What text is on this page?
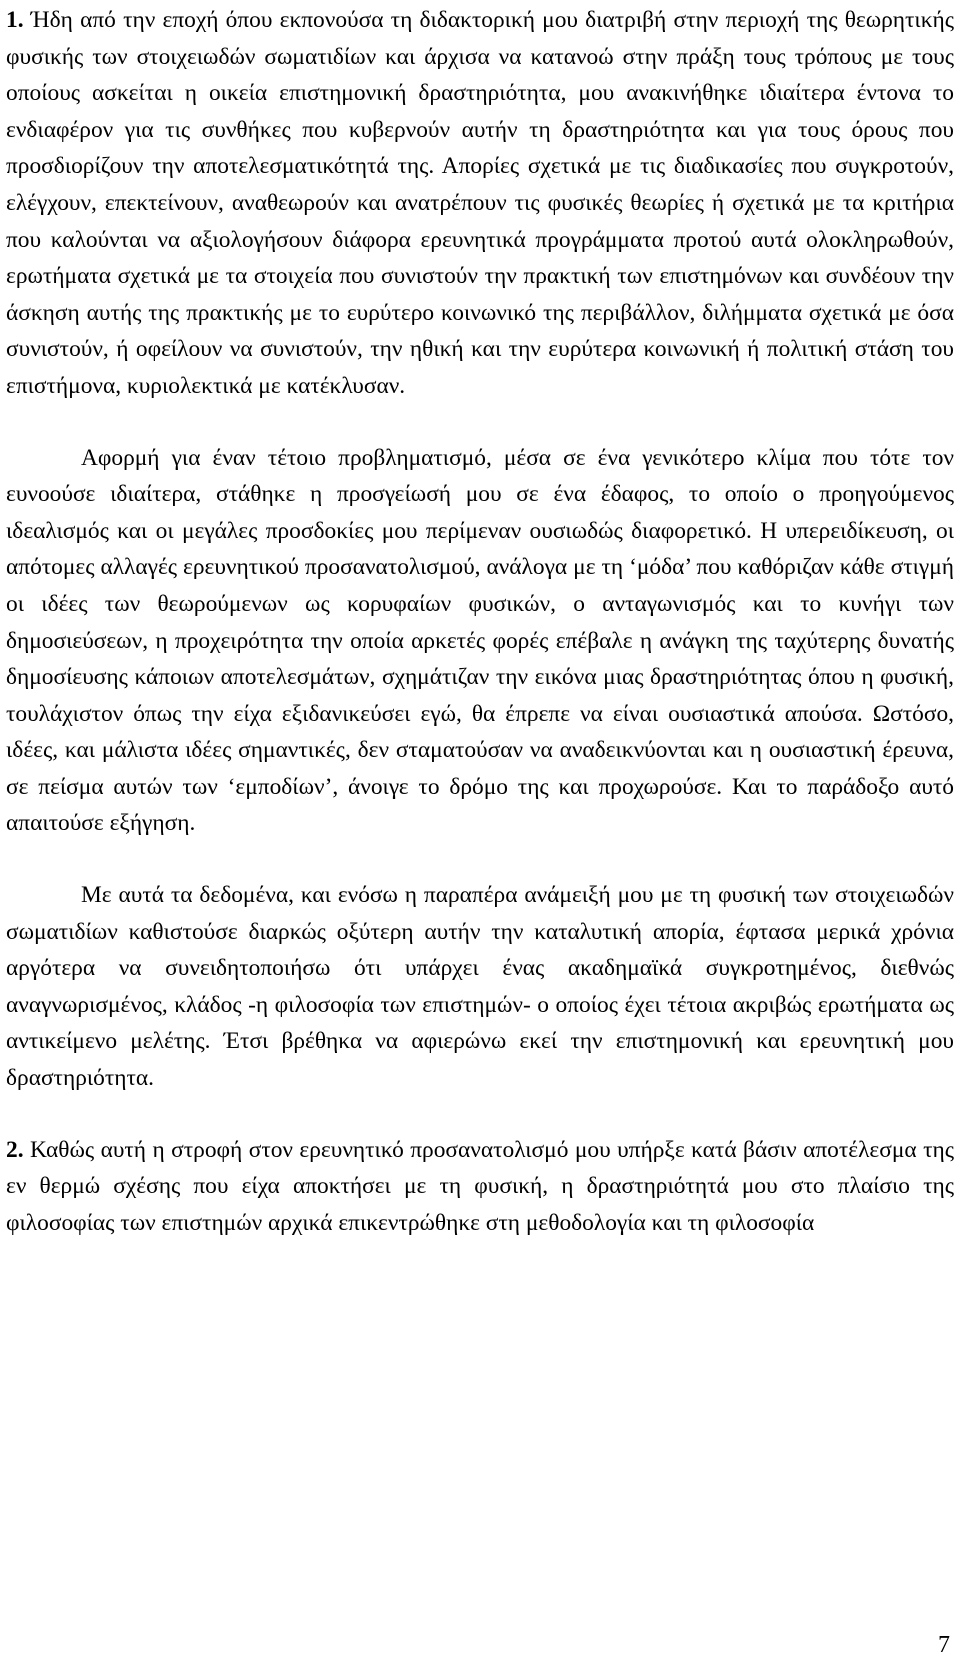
1. Ήδη από την εποχή όπου εκπονούσα τη διδακτορική μου διατριβή στην περιοχή της θεωρητικής φυσικής των στοιχειωδών σωματιδίων και άρχισα να κατανοώ στην πράξη τους τρόπους με τους οποίους ασκείται η οικεία επιστημονική δραστηριότητα, μου ανακινήθηκε ιδιαίτερα έντονα το ενδιαφέρον για τις συνθήκες που κυβερνούν αυτήν τη δραστηριότητα και για τους όρους που προσδιορίζουν την αποτελεσματικότητά της. Απορίες σχετικά με τις διαδικασίες που συγκροτούν, ελέγχουν, επεκτείνουν, αναθεωρούν και ανατρέπουν τις φυσικές θεωρίες ή σχετικά με τα κριτήρια που καλούνται να αξιολογήσουν διάφορα ερευνητικά προγράμματα προτού αυτά ολοκληρωθούν, ερωτήματα σχετικά με τα στοιχεία που συνιστούν την πρακτική των επιστημόνων και συνδέουν την άσκηση αυτής της πρακτικής με το ευρύτερο κοινωνικό της περιβάλλον, διλήμματα σχετικά με όσα συνιστούν, ή οφείλουν να συνιστούν, την ηθική και την ευρύτερα κοινωνική ή πολιτική στάση του επιστήμονα, κυριολεκτικά με κατέκλυσαν.

Αφορμή για έναν τέτοιο προβληματισμό, μέσα σε ένα γενικότερο κλίμα που τότε τον ευνοούσε ιδιαίτερα, στάθηκε η προσγείωσή μου σε ένα έδαφος, το οποίο ο προηγούμενος ιδεαλισμός και οι μεγάλες προσδοκίες μου περίμεναν ουσιωδώς διαφορετικό. Η υπερειδίκευση, οι απότομες αλλαγές ερευνητικού προσανατολισμού, ανάλογα με τη ‘μόδα’ που καθόριζαν κάθε στιγμή οι ιδέες των θεωρούμενων ως κορυφαίων φυσικών, ο ανταγωνισμός και το κυνήγι των δημοσιεύσεων, η προχειρότητα την οποία αρκετές φορές επέβαλε η ανάγκη της ταχύτερης δυνατής δημοσίευσης κάποιων αποτελεσμάτων, σχημάτιζαν την εικόνα μιας δραστηριότητας όπου η φυσική, τουλάχιστον όπως την είχα εξιδανικεύσει εγώ, θα έπρεπε να είναι ουσιαστικά απούσα. Ωστόσο, ιδέες, και μάλιστα ιδέες σημαντικές, δεν σταματούσαν να αναδεικνύονται και η ουσιαστική έρευνα, σε πείσμα αυτών των ‘εμποδίων’, άνοιγε το δρόμο της και προχωρούσε. Και το παράδοξο αυτό απαιτούσε εξήγηση.

Με αυτά τα δεδομένα, και ενόσω η παραπέρα ανάμειξή μου με τη φυσική των στοιχειωδών σωματιδίων καθιστούσε διαρκώς οξύτερη αυτήν την καταλυτική απορία, έφτασα μερικά χρόνια αργότερα να συνειδητοποιήσω ότι υπάρχει ένας ακαδημαϊκά συγκροτημένος, διεθνώς αναγνωρισμένος, κλάδος -η φιλοσοφία των επιστημών- ο οποίος έχει τέτοια ακριβώς ερωτήματα ως αντικείμενο μελέτης. Έτσι βρέθηκα να αφιερώνω εκεί την επιστημονική και ερευνητική μου δραστηριότητα.

2. Καθώς αυτή η στροφή στον ερευνητικό προσανατολισμό μου υπήρξε κατά βάσιν αποτέλεσμα της εν θερμώ σχέσης που είχα αποκτήσει με τη φυσική, η δραστηριότητά μου στο πλαίσιο της φιλοσοφίας των επιστημών αρχικά επικεντρώθηκε στη μεθοδολογία και τη φιλοσοφία

7
